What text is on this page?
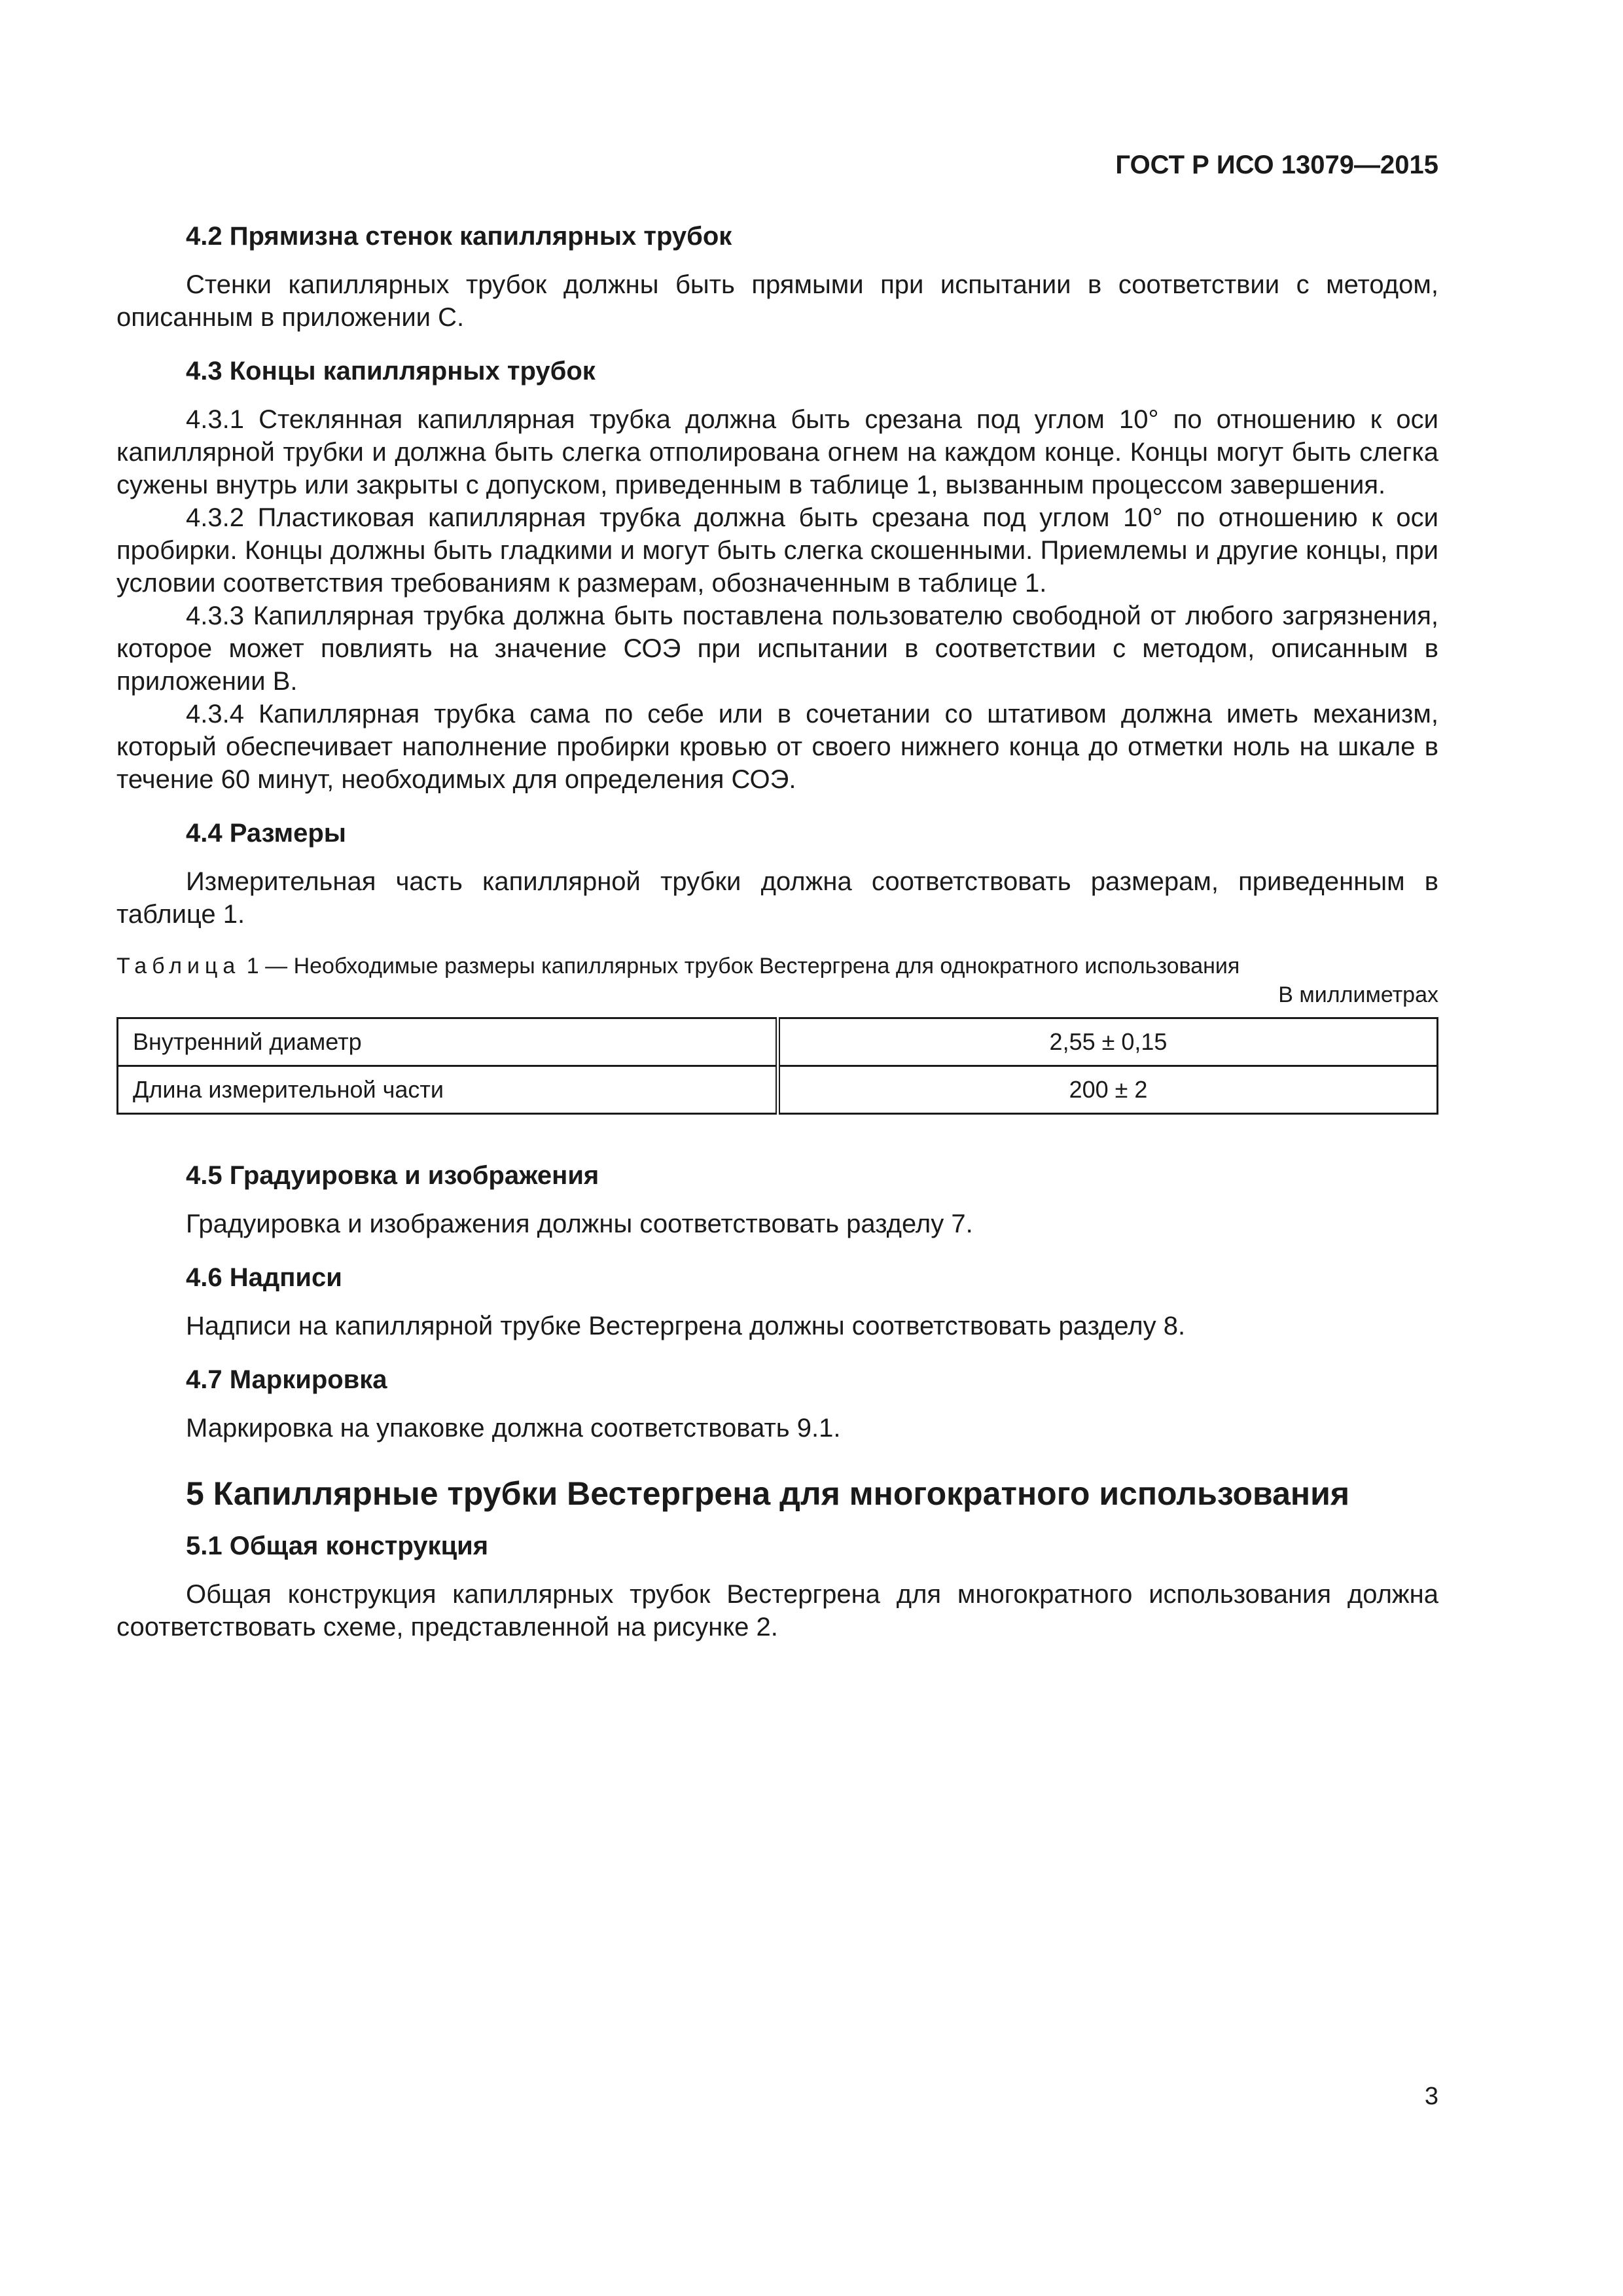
ГОСТ Р ИСО 13079—2015

4.2 Прямизна стенок капиллярных трубок

Стенки капиллярных трубок должны быть прямыми при испытании в соответствии с методом, описанным в приложении С.

4.3 Концы капиллярных трубок

4.3.1 Стеклянная капиллярная трубка должна быть срезана под углом 10° по отношению к оси капиллярной трубки и должна быть слегка отполирована огнем на каждом конце. Концы могут быть слегка сужены внутрь или закрыты с допуском, приведенным в таблице 1, вызванным процессом завершения.

4.3.2 Пластиковая капиллярная трубка должна быть срезана под углом 10° по отношению к оси пробирки. Концы должны быть гладкими и могут быть слегка скошенными. Приемлемы и другие концы, при условии соответствия требованиям к размерам, обозначенным в таблице 1.

4.3.3 Капиллярная трубка должна быть поставлена пользователю свободной от любого загрязнения, которое может повлиять на значение СОЭ при испытании в соответствии с методом, описанным в приложении В.

4.3.4 Капиллярная трубка сама по себе или в сочетании со штативом должна иметь механизм, который обеспечивает наполнение пробирки кровью от своего нижнего конца до отметки ноль на шкале в течение 60 минут, необходимых для определения СОЭ.

4.4 Размеры

Измерительная часть капиллярной трубки должна соответствовать размерам, приведенным в таблице 1.

Таблица 1 — Необходимые размеры капиллярных трубок Вестергрена для однократного использования

В миллиметрах

Внутренний диаметр	2,55 ± 0,15
Длина измерительной части	200 ± 2

4.5 Градуировка и изображения

Градуировка и изображения должны соответствовать разделу 7.

4.6 Надписи

Надписи на капиллярной трубке Вестергрена должны соответствовать разделу 8.

4.7 Маркировка

Маркировка на упаковке должна соответствовать 9.1.

5 Капиллярные трубки Вестергрена для многократного использования

5.1 Общая конструкция

Общая конструкция капиллярных трубок Вестергрена для многократного использования должна соответствовать схеме, представленной на рисунке 2.

3
